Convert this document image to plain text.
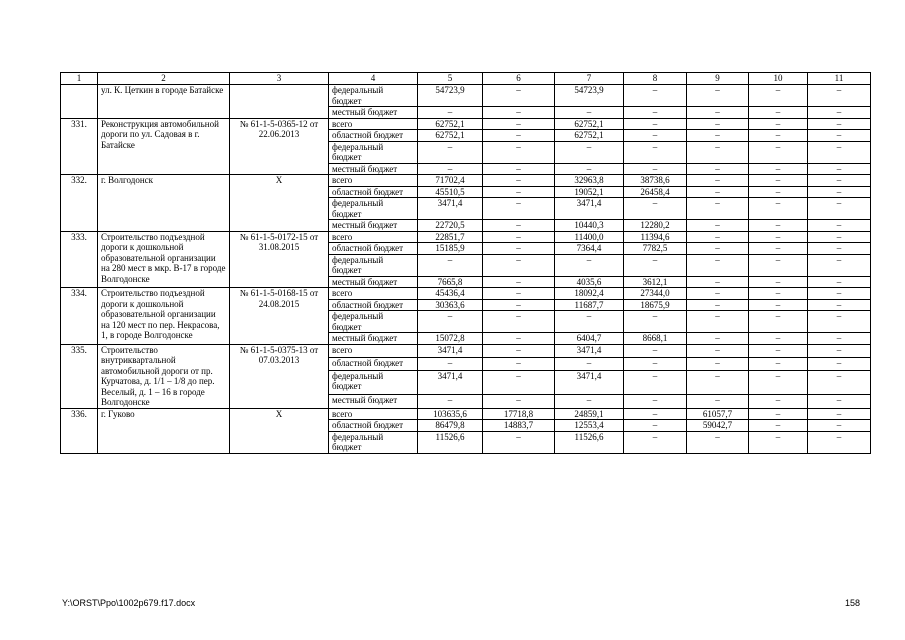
1	2	3	4	5	6	7	8	9	10	11
	ул. К. Цеткин в городе Батайске		федеральный бюджет	54723,9	–	54723,9	–	–	–	–
			местный бюджет	–	–	–	–	–	–	–
331.	Реконструкция автомобильной дороги по ул. Садовая в г. Батайске	№ 61-1-5-0365-12 от 22.06.2013	всего	62752,1	–	62752,1	–	–	–	–
			областной бюджет	62752,1	–	62752,1	–	–	–	–
			федеральный бюджет	–	–	–	–	–	–	–
			местный бюджет	–	–	–	–	–	–	–
332.	г. Волгодонск	Х	всего	71702,4	–	32963,8	38738,6	–	–	–
			областной бюджет	45510,5	–	19052,1	26458,4	–	–	–
			федеральный бюджет	3471,4	–	3471,4	–	–	–	–
			местный бюджет	22720,5	–	10440,3	12280,2	–	–	–
333.	Строительство подъездной дороги к дошкольной образовательной организации на 280 мест в мкр. В-17 в городе Волгодонске	№ 61-1-5-0172-15 от 31.08.2015	всего	22851,7	–	11400,0	11394,6	–	–	–
			областной бюджет	15185,9	–	7364,4	7782,5	–	–	–
			федеральный бюджет	–	–	–	–	–	–	–
			местный бюджет	7665,8	–	4035,6	3612,1	–	–	–
334.	Строительство подъездной дороги к дошкольной образовательной организации на 120 мест по пер. Некрасова, 1, в городе Волгодонске	№ 61-1-5-0168-15 от 24.08.2015	всего	45436,4	–	18092,4	27344,0	–	–	–
			областной бюджет	30363,6	–	11687,7	18675,9	–	–	–
			федеральный бюджет	–	–	–	–	–	–	–
			местный бюджет	15072,8	–	6404,7	8668,1	–	–	–
335.	Строительство внутриквартальной автомобильной дороги от пр. Курчатова, д. 1/1 – 1/8 до пер. Веселый, д. 1 – 16 в городе Волгодонске	№ 61-1-5-0375-13 от 07.03.2013	всего	3471,4	–	3471,4	–	–	–	–
			областной бюджет	–	–	–	–	–	–	–
			федеральный бюджет	3471,4	–	3471,4	–	–	–	–
			местный бюджет	–	–	–	–	–	–	–
336.	г. Гуково	Х	всего	103635,6	17718,8	24859,1	–	61057,7	–	–
			областной бюджет	86479,8	14883,7	12553,4	–	59042,7	–	–
			федеральный бюджет	11526,6	–	11526,6	–	–	–	–
Y:\ORST\Ppo\1002p679.f17.docx	158
